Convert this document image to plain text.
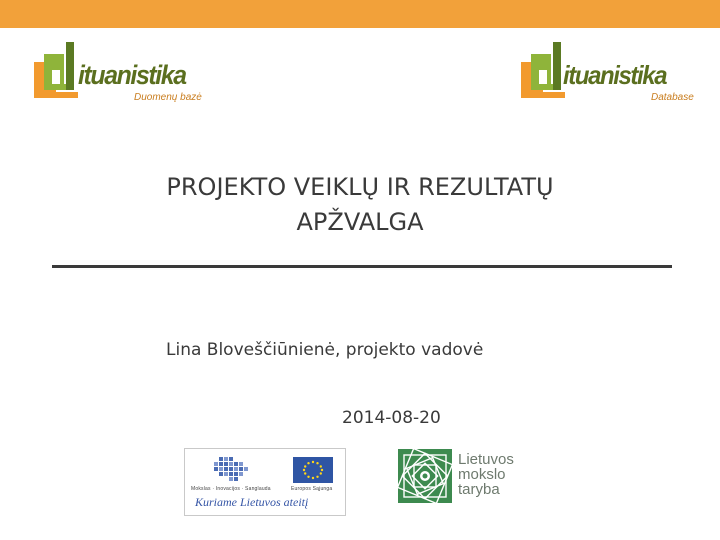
ituanistika
Duomenų bazė
ituanistika
Database
PROJEKTO VEIKLŲ IR REZULTATŲ
APŽVALGA
Lina Bloveščiūnienė, projekto vadovė
2014-08-20
Mokslas · Inovacijos · Sanglauda	Europos Sąjunga
Kuriame Lietuvos ateitį
Lietuvos
mokslo
taryba
